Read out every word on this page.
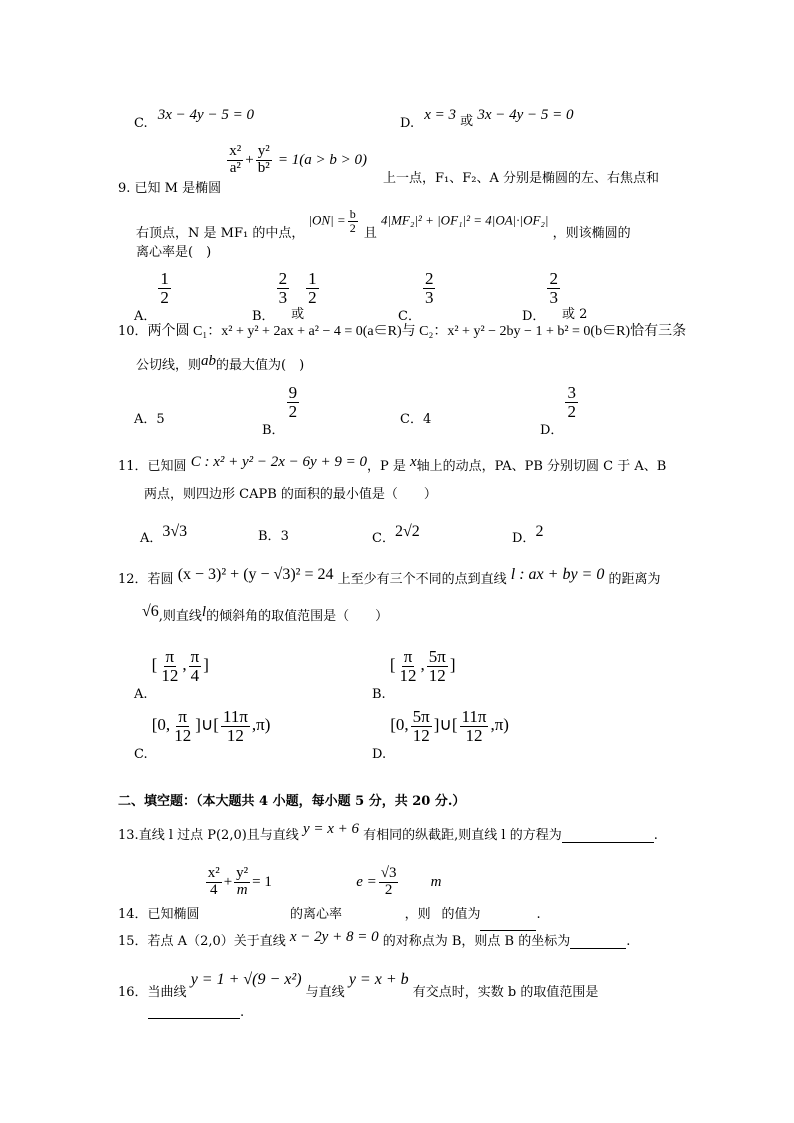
C. 3x − 4y − 5 = 0
D. x = 3 或 3x − 4y − 5 = 0
9. 已知 M 是椭圆
$\frac{\text{x²}}{\text{a²}} + \frac{\text{y²}}{\text{b²}} = 1(a > b > 0)$
上一点，F₁、F₂、A 分别是椭圆的左、右焦点和
右顶点，N 是 MF₁ 的中点， $|ON| = \frac{b}{2}$ 且 4|MF₂|² + |OF₁|² = 4|OA|·|OF₂| ，则该椭圆的
离心率是(　)
A．
$\frac{1}{2}$
B．
$\frac{2}{3}$
或
$\frac{1}{2}$
C．
$\frac{2}{3}$
D．
$\frac{2}{3}$
或 2
10．两个圆 C₁：x² + y² + 2ax + a² − 4 = 0(a∈R)与 C₂：x² + y² − 2by − 1 + b² = 0(b∈R)恰有三条
公切线，则ab的最大值为(　)
A．5
B．
$\frac{9}{2}$	C．4
D．
$\frac{3}{2}$
11．已知圆 C : x² + y² − 2x − 6y + 9 = 0，P 是 x轴上的动点，PA、PB 分别切圆 C 于 A、B
两点，则四边形 CAPB 的面积的最小值是（　　）
A．3√3	B．3	C．2√2	D．2
12．若圆 (x − 3)² + (y − √3)² = 24 上至少有三个不同的点到直线 l : ax + by = 0 的距离为
√6,则直线l的倾斜角的取值范围是（　　）
A. [ $\frac{\pi}{12}$ , $\frac{\pi}{4}$ ]
B. [ $\frac{\pi}{12}$ , $\frac{5\pi}{12}$ ]
C. [0, $\frac{\pi}{12}$ ]∪[ $\frac{11\pi}{12} ,\pi$)
D. [0, $\frac{5\pi}{12}$ ]∪[ $\frac{11\pi}{12} ,\pi$)
二、填空题：（本大题共 4 小题，每小题 5 分，共 20 分.）
13.直线 l 过点 P(2,0)且与直线 y = x + 6 有相同的纵截距,则直线 l 的方程为	.
14．已知椭圆
$\frac{\text{x²}}{4} + \frac{\text{y²}}{m} = 1$ 的离心率 $e = \frac{√3}{2}$
，则m的值为	.
15．若点 A（2,0）关于直线 x − 2y + 8 = 0 的对称点为 B，则点 B 的坐标为	.
16．当曲线 y = 1 + √(9 − x²) 与直线 y = x + b 有交点时，实数 b 的取值范围是
.
